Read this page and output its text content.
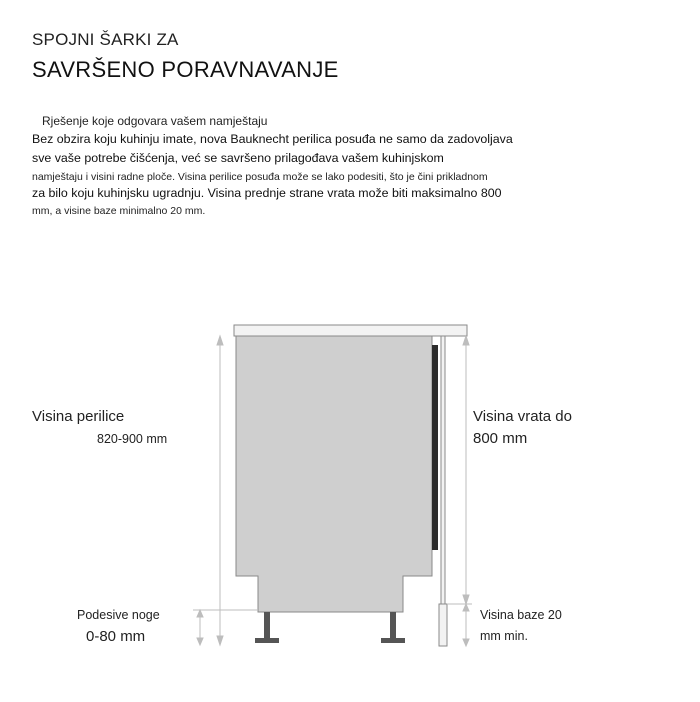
SPOJNI ŠARKI ZA
SAVRŠENO PORAVNAVANJE
Rješenje koje odgovara vašem namještaju
Bez obzira koju kuhinju imate, nova Bauknecht perilica posuđa ne samo da zadovoljava
sve vaše potrebe čišćenja, već se savršeno prilagođava vašem kuhinjskom
namještaju i visini radne ploče. Visina perilice posuđa može se lako podesiti, što je čini prikladnom
za bilo koju kuhinjsku ugradnju. Visina prednje strane vrata može biti maksimalno 800
mm, a visine baze minimalno 20 mm.
Visina perilice
820-900 mm
Visina vrata do
800 mm
Podesive noge
0-80 mm
Visina baze 20
mm min.
